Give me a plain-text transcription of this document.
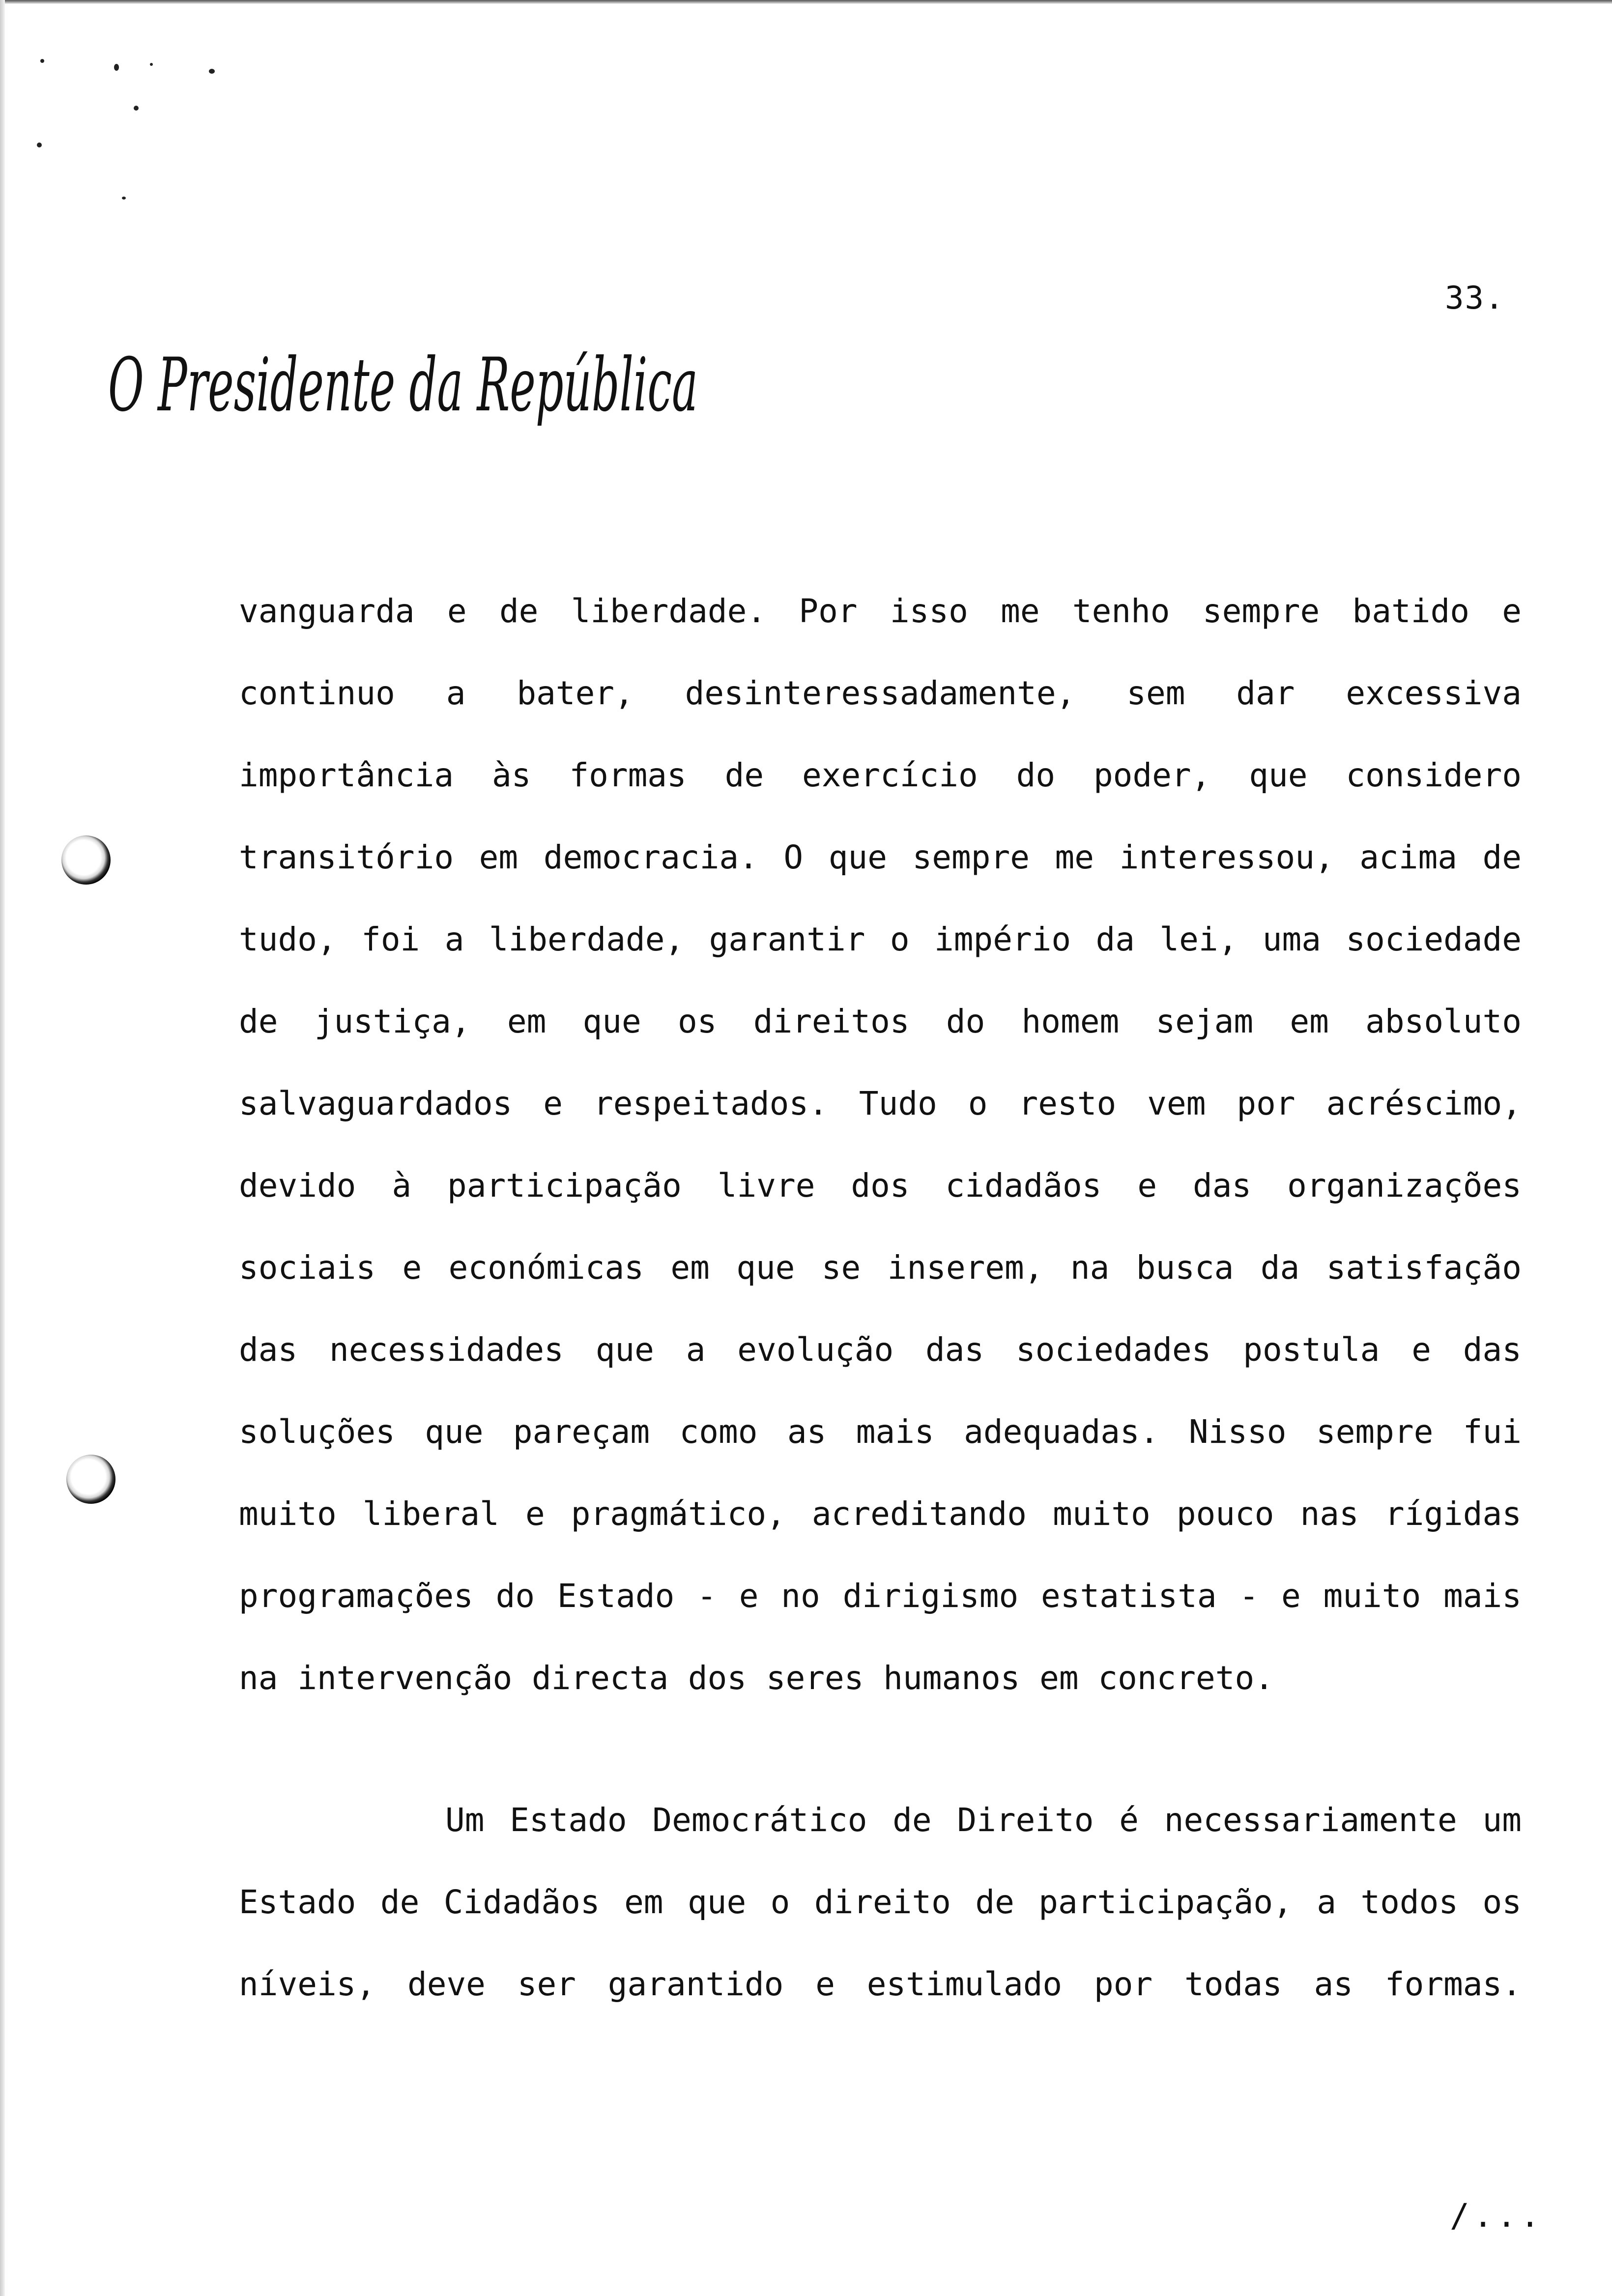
33.
O Presidente da República
vanguarda e de liberdade. Por isso me tenho sempre batido e
continuo a bater, desinteressadamente, sem dar excessiva
importância às formas de exercício do poder, que considero
transitório em democracia. O que sempre me interessou, acima de
tudo, foi a liberdade, garantir o império da lei, uma sociedade
de justiça, em que os direitos do homem sejam em absoluto
salvaguardados e respeitados. Tudo o resto vem por acréscimo,
devido à participação livre dos cidadãos e das organizações
sociais e económicas em que se inserem, na busca da satisfação
das necessidades que a evolução das sociedades postula e das
soluções que pareçam como as mais adequadas. Nisso sempre fui
muito liberal e pragmático, acreditando muito pouco nas rígidas
programações do Estado - e no dirigismo estatista - e muito mais
na intervenção directa dos seres humanos em concreto.
Um Estado Democrático de Direito é necessariamente um
Estado de Cidadãos em que o direito de participação, a todos os
níveis, deve ser garantido e estimulado por todas as formas.
/...
